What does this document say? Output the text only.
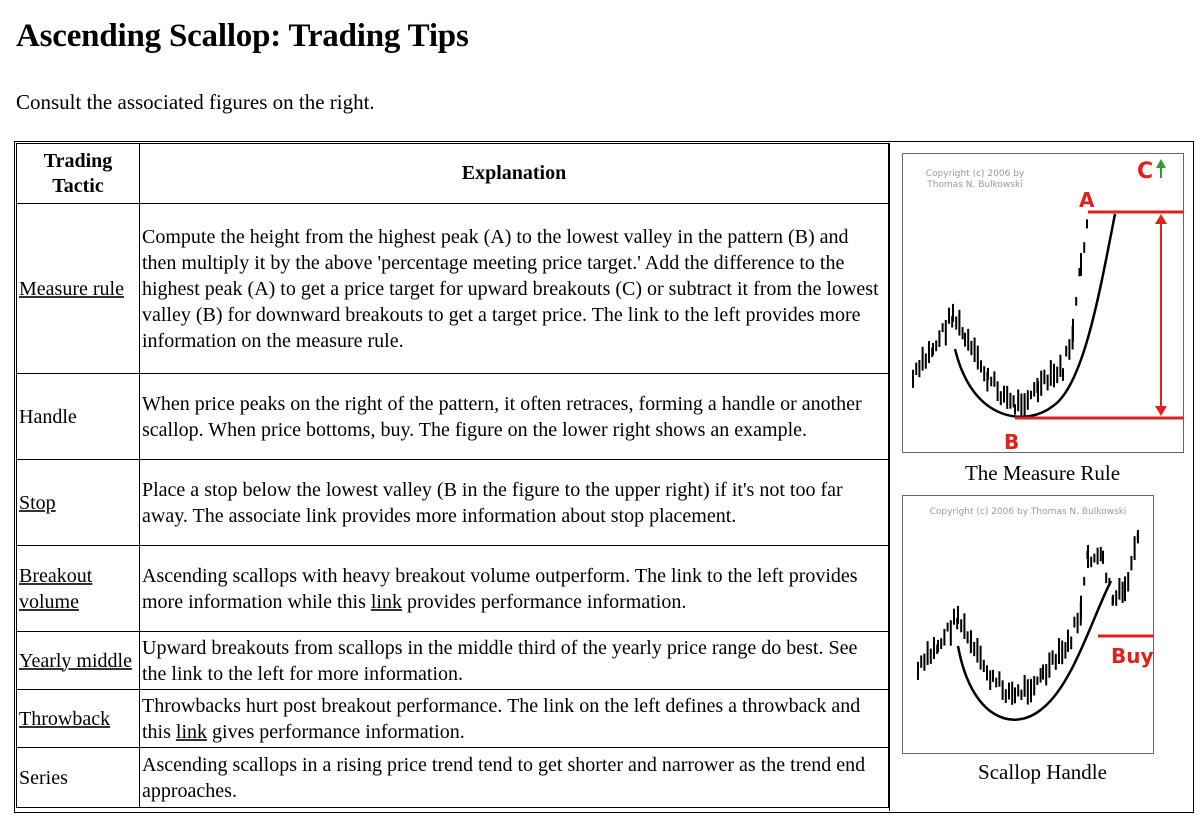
Ascending Scallop: Trading Tips

Consult the associated figures on the right.

Trading Tactic	Explanation
Measure rule	Compute the height from the highest peak (A) to the lowest valley in the pattern (B) and then multiply it by the above 'percentage meeting price target.' Add the difference to the highest peak (A) to get a price target for upward breakouts (C) or subtract it from the lowest valley (B) for downward breakouts to get a target price. The link to the left provides more information on the measure rule.
Handle	When price peaks on the right of the pattern, it often retraces, forming a handle or another scallop. When price bottoms, buy. The figure on the lower right shows an example.
Stop	Place a stop below the lowest valley (B in the figure to the upper right) if it's not too far away. The associate link provides more information about stop placement.
Breakout volume	Ascending scallops with heavy breakout volume outperform. The link to the left provides more information while this link provides performance information.
Yearly middle	Upward breakouts from scallops in the middle third of the yearly price range do best. See the link to the left for more information.
Throwback	Throwbacks hurt post breakout performance. The link on the left defines a throwback and this link gives performance information.
Series	Ascending scallops in a rising price trend tend to get shorter and narrower as the trend end approaches.
Copyright (c) 2006 by
Thomas N. Bulkowski
A
B
C
The Measure Rule
Copyright (c) 2006 by Thomas N. Bulkowski
Buy
Scallop Handle
